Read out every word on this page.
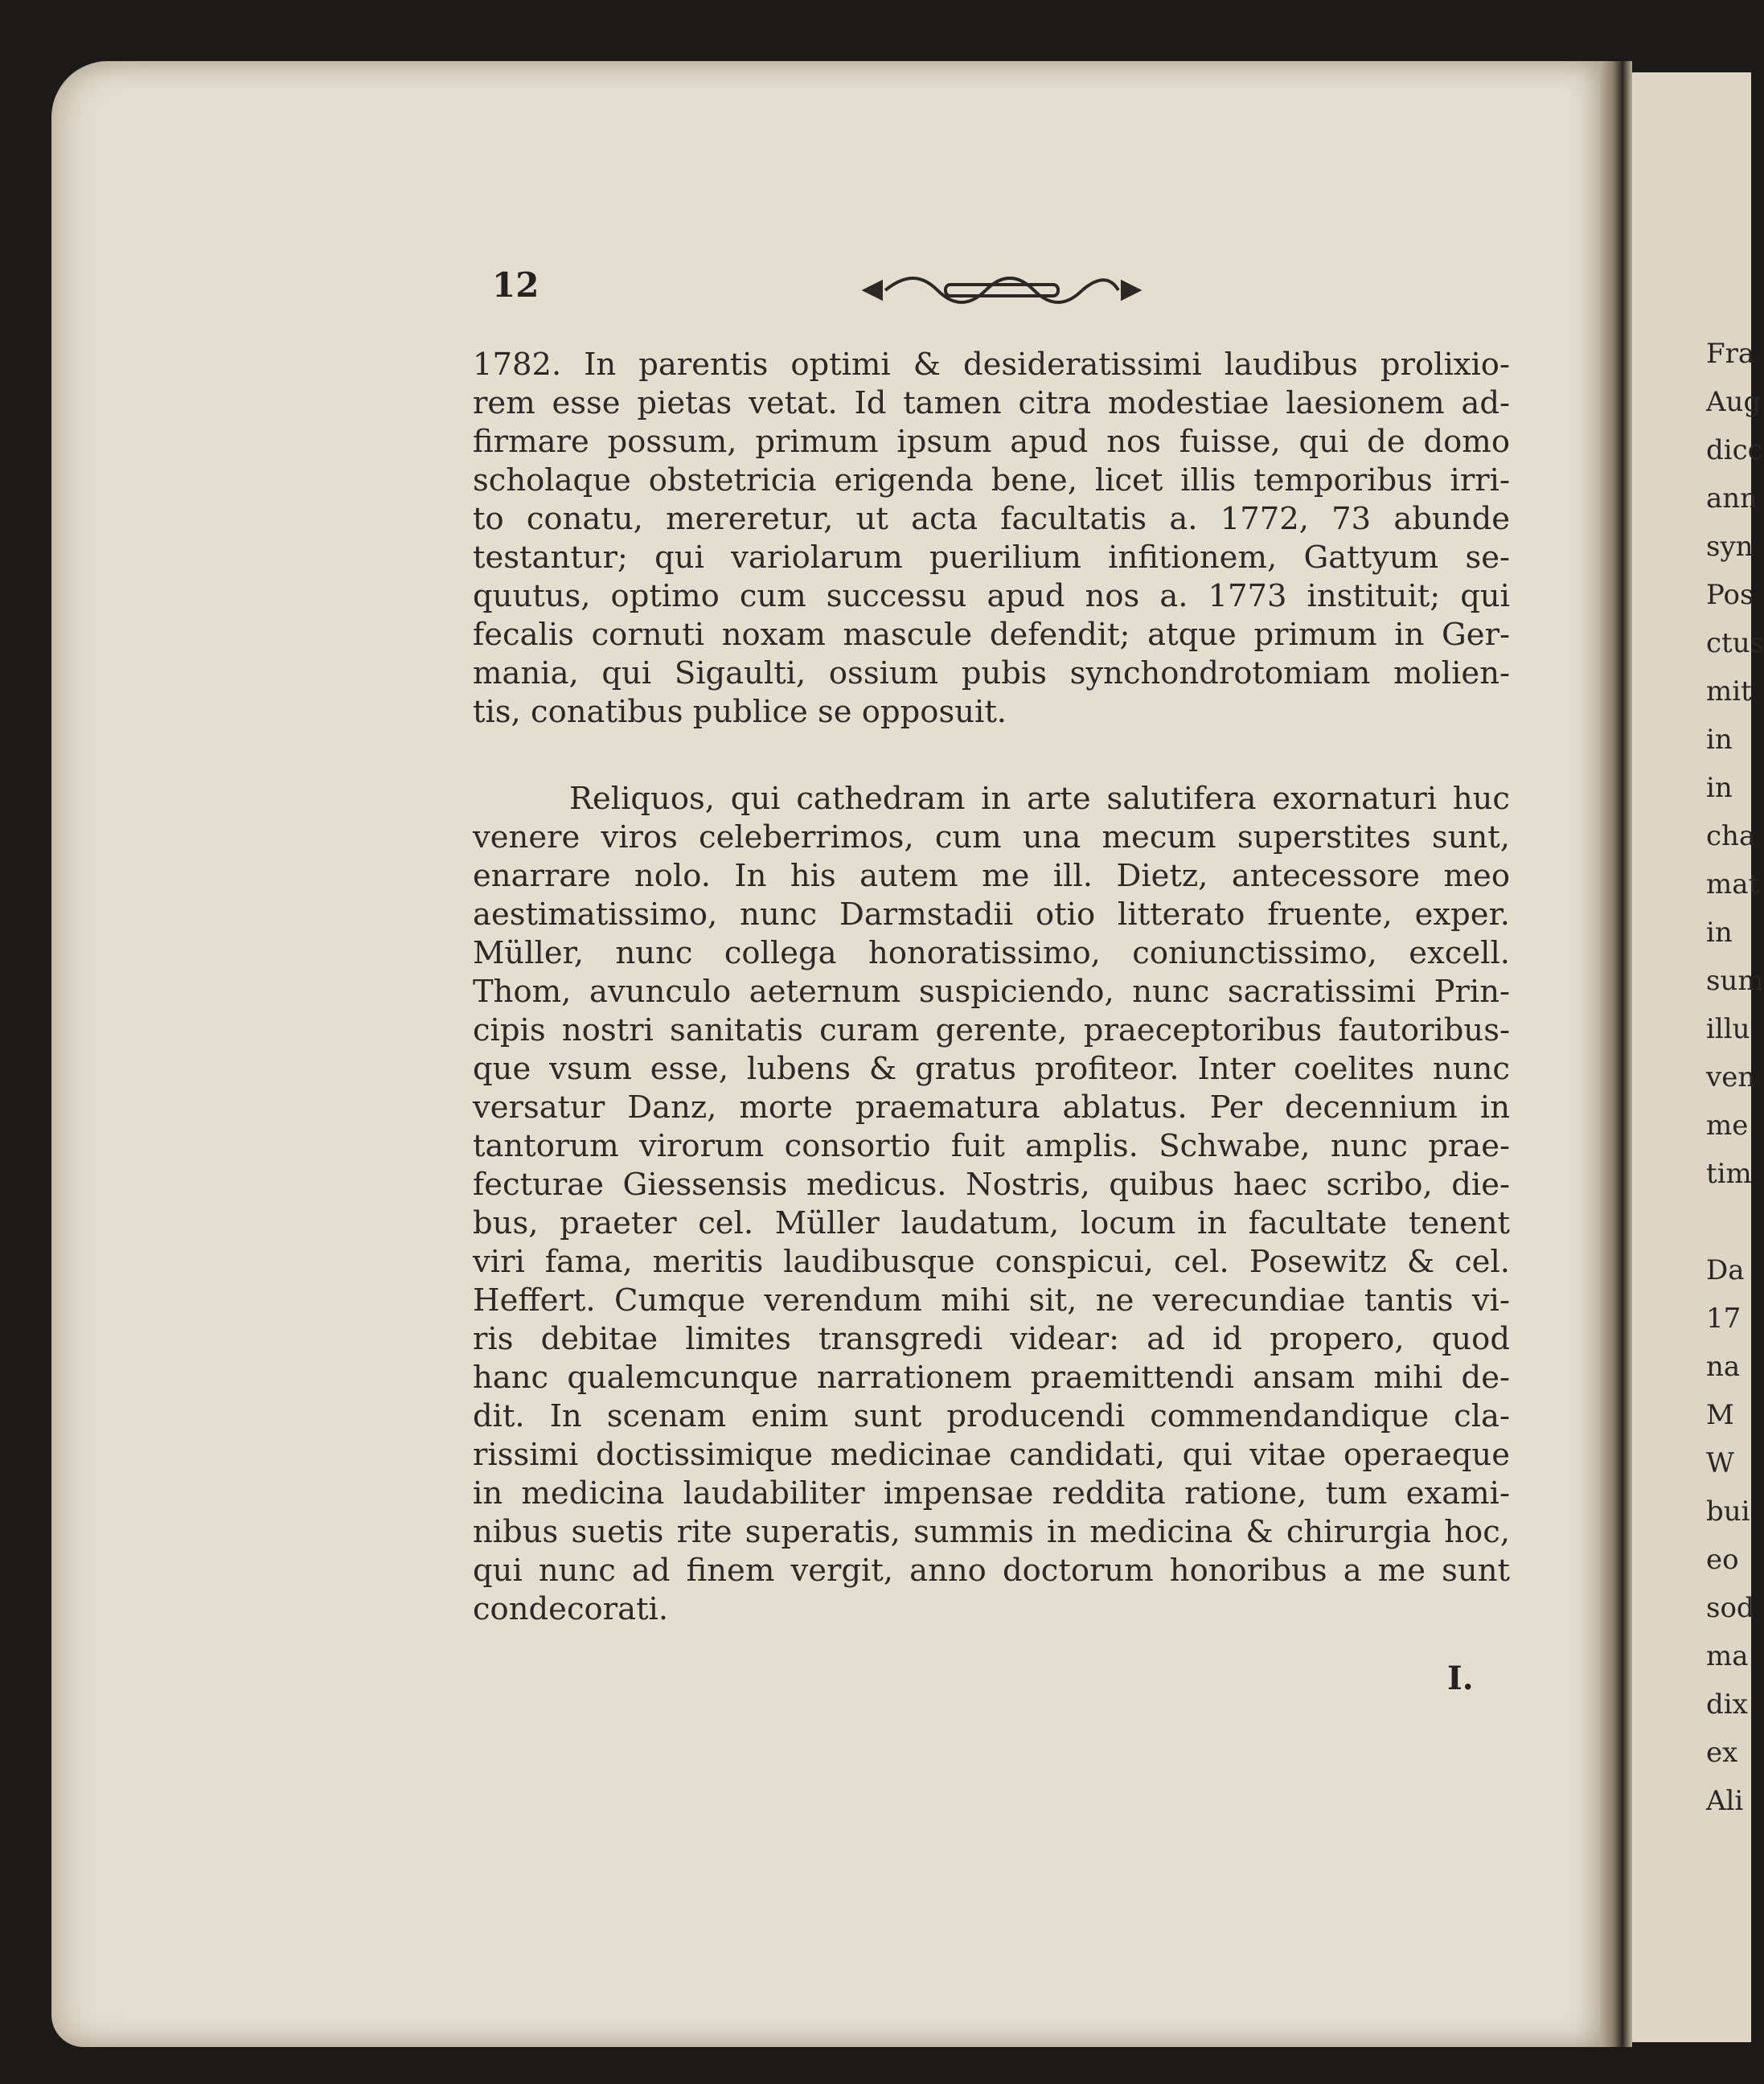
Fra
Aug
dicc
ann
syn
Pos
ctus
mit
in
in
cha
mat
in
sum
illu
ven
me
tim
Da
17
na
M
W
bui
eo
sod
ma
dix
ex
Ali
12
1782. In parentis optimi & desideratissimi laudibus prolixio-
rem esse pietas vetat. Id tamen citra modestiae laesionem ad-
firmare possum, primum ipsum apud nos fuisse, qui de domo
scholaque obstetricia erigenda bene, licet illis temporibus irri-
to conatu, mereretur, ut acta facultatis a. 1772, 73 abunde
testantur; qui variolarum puerilium infitionem, Gattyum se-
quutus, optimo cum successu apud nos a. 1773 instituit; qui
fecalis cornuti noxam mascule defendit; atque primum in Ger-
mania, qui Sigaulti, ossium pubis synchondrotomiam molien-
tis, conatibus publice se opposuit.
Reliquos, qui cathedram in arte salutifera exornaturi huc
venere viros celeberrimos, cum una mecum superstites sunt,
enarrare nolo. In his autem me ill. Dietz, antecessore meo
aestimatissimo, nunc Darmstadii otio litterato fruente, exper.
Müller, nunc collega honoratissimo, coniunctissimo, excell.
Thom, avunculo aeternum suspiciendo, nunc sacratissimi Prin-
cipis nostri sanitatis curam gerente, praeceptoribus fautoribus-
que vsum esse, lubens & gratus profiteor. Inter coelites nunc
versatur Danz, morte praematura ablatus. Per decennium in
tantorum virorum consortio fuit amplis. Schwabe, nunc prae-
fecturae Giessensis medicus. Nostris, quibus haec scribo, die-
bus, praeter cel. Müller laudatum, locum in facultate tenent
viri fama, meritis laudibusque conspicui, cel. Posewitz & cel.
Heffert. Cumque verendum mihi sit, ne verecundiae tantis vi-
ris debitae limites transgredi videar: ad id propero, quod
hanc qualemcunque narrationem praemittendi ansam mihi de-
dit. In scenam enim sunt producendi commendandique cla-
rissimi doctissimique medicinae candidati, qui vitae operaeque
in medicina laudabiliter impensae reddita ratione, tum exami-
nibus suetis rite superatis, summis in medicina & chirurgia hoc,
qui nunc ad finem vergit, anno doctorum honoribus a me sunt
condecorati.
I.
